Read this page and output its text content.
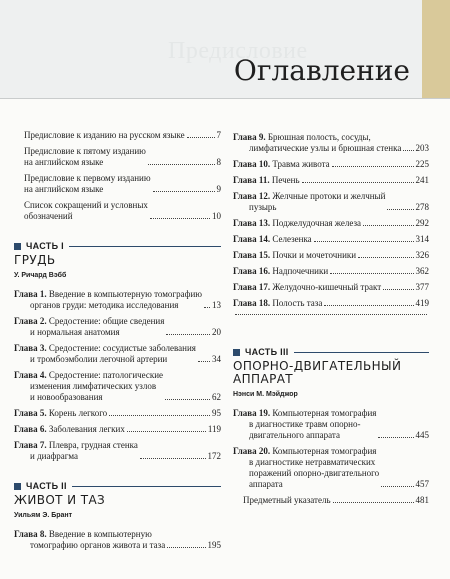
Предисловие
Оглавление
Предисловие к изданию на русском языке	7
Предисловие к пятому изданию
на английском языке	8
Предисловие к первому изданию
на английском языке	9
Список сокращений и условных
обозначений	10
ЧАСТЬ I
ГРУДЬ
У. Ричард Вэбб
Глава 1. Введение в компьютерную томографию
органов груди: методика исследования	13
Глава 2. Средостение: общие сведения
и нормальная анатомия	20
Глава 3. Средостение: сосудистые заболевания
и тромбоэмболии легочной артерии	34
Глава 4. Средостение: патологические
изменения лимфатических узлов
и новообразования	62
Глава 5. Корень легкого	95
Глава 6. Заболевания легких	119
Глава 7. Плевра, грудная стенка
и диафрагма	172
ЧАСТЬ II
ЖИВОТ И ТАЗ
Уильям Э. Брант
Глава 8. Введение в компьютерную
томографию органов живота и таза	195
Глава 9. Брюшная полость, сосуды,
лимфатические узлы и брюшная стенка 203
Глава 10. Травма живота	225
Глава 11. Печень	241
Глава 12. Желчные протоки и желчный
пузырь	278
Глава 13. Поджелудочная железа	292
Глава 14. Селезенка	314
Глава 15. Почки и мочеточники	326
Глава 16. Надпочечники	362
Глава 17. Желудочно-кишечный тракт	377
Глава 18. Полость таза	419
ЧАСТЬ III
ОПОРНО-ДВИГАТЕЛЬНЫЙ
АППАРАТ
Нэнси М. Мэйджор
Глава 19. Компьютерная томография
в диагностике травм опорно-
двигательного аппарата	445
Глава 20. Компьютерная томография
в диагностике нетравматических
поражений опорно-двигательного
аппарата	457
Предметный указатель	481
